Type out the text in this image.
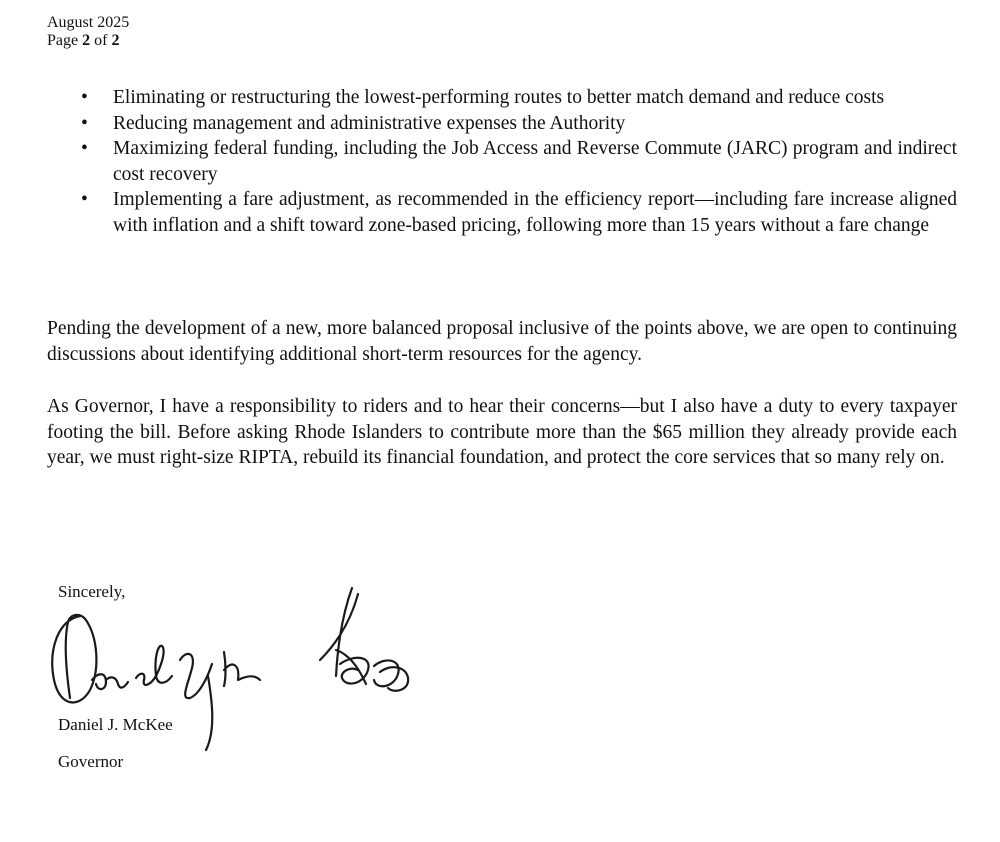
August 2025
Page 2 of 2
• Eliminating or restructuring the lowest-performing routes to better match demand and reduce costs
• Reducing management and administrative expenses the Authority
• Maximizing federal funding, including the Job Access and Reverse Commute (JARC) program and indirect cost recovery
• Implementing a fare adjustment, as recommended in the efficiency report—including fare increase aligned with inflation and a shift toward zone-based pricing, following more than 15 years without a fare change

Pending the development of a new, more balanced proposal inclusive of the points above, we are open to continuing discussions about identifying additional short-term resources for the agency.

As Governor, I have a responsibility to riders and to hear their concerns—but I also have a duty to every taxpayer footing the bill. Before asking Rhode Islanders to contribute more than the $65 million they already provide each year, we must right-size RIPTA, rebuild its financial foundation, and protect the core services that so many rely on.

Sincerely,
Daniel J. McKee
Governor
